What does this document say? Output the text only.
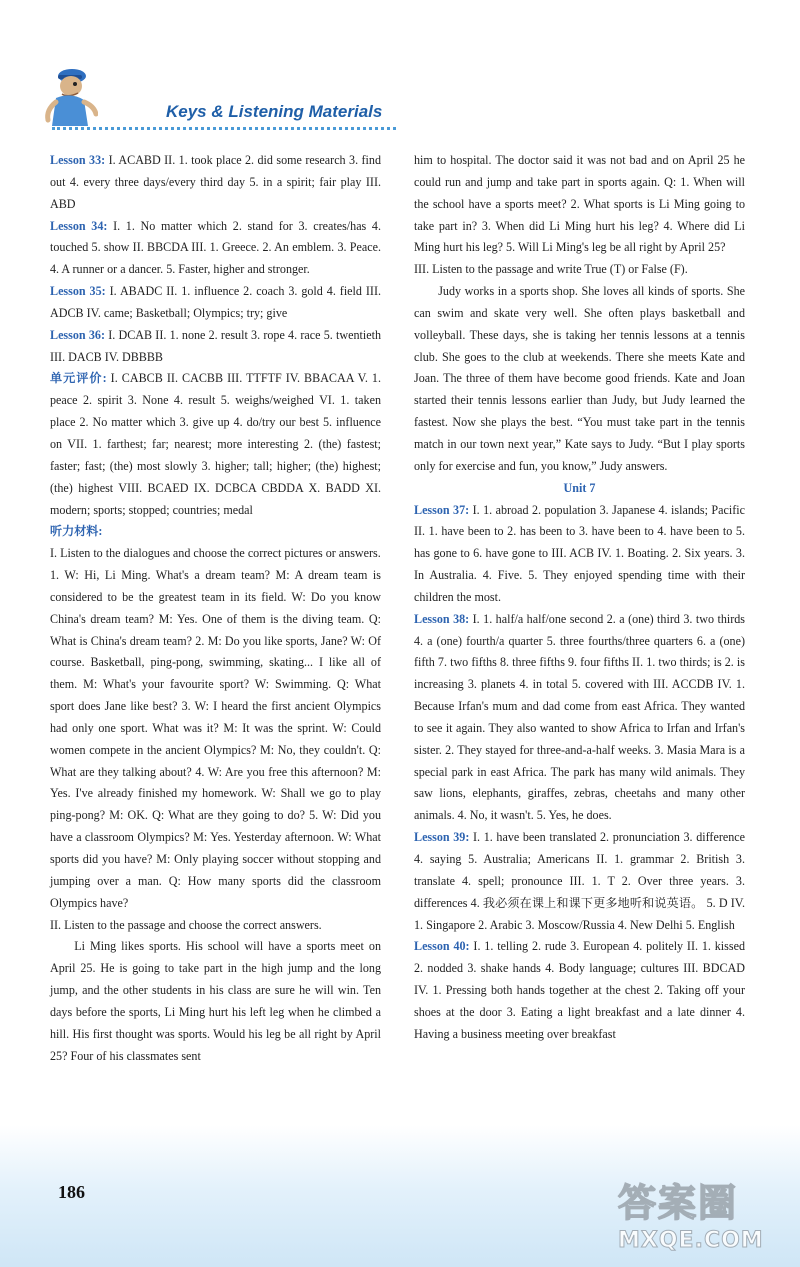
Keys & Listening Materials

Lesson 33: I. ACABD II. 1. took place 2. did some research 3. find out 4. every three days/every third day 5. in a spirit; fair play III. ABD

Lesson 34: I. 1. No matter which 2. stand for 3. creates/has 4. touched 5. show II. BBCDA III. 1. Greece. 2. An emblem. 3. Peace. 4. A runner or a dancer. 5. Faster, higher and stronger.

Lesson 35: I. ABADC II. 1. influence 2. coach 3. gold 4. field III. ADCB IV. came; Basketball; Olympics; try; give

Lesson 36: I. DCAB II. 1. none 2. result 3. rope 4. race 5. twentieth III. DACB IV. DBBBB

单元评价: I. CABCB II. CACBB III. TTFTF IV. BBACAA V. 1. peace 2. spirit 3. None 4. result 5. weighs/weighed VI. 1. taken place 2. No matter which 3. give up 4. do/try our best 5. influence on VII. 1. farthest; far; nearest; more interesting 2. (the) fastest; faster; fast; (the) most slowly 3. higher; tall; higher; (the) highest; (the) highest VIII. BCAED IX. DCBCA CBDDA X. BADD XI. modern; sports; stopped; countries; medal

听力材料:

I. Listen to the dialogues and choose the correct pictures or answers.

1. W: Hi, Li Ming. What's a dream team? M: A dream team is considered to be the greatest team in its field. W: Do you know China's dream team? M: Yes. One of them is the diving team. Q: What is China's dream team? 2. M: Do you like sports, Jane? W: Of course. Basketball, ping-pong, swimming, skating... I like all of them. M: What's your favourite sport? W: Swimming. Q: What sport does Jane like best? 3. W: I heard the first ancient Olympics had only one sport. What was it? M: It was the sprint. W: Could women compete in the ancient Olympics? M: No, they couldn't. Q: What are they talking about? 4. W: Are you free this afternoon? M: Yes. I've already finished my homework. W: Shall we go to play ping-pong? M: OK. Q: What are they going to do? 5. W: Did you have a classroom Olympics? M: Yes. Yesterday afternoon. W: What sports did you have? M: Only playing soccer without stopping and jumping over a man. Q: How many sports did the classroom Olympics have?

II. Listen to the passage and choose the correct answers.

Li Ming likes sports. His school will have a sports meet on April 25. He is going to take part in the high jump and the long jump, and the other students in his class are sure he will win. Ten days before the sports, Li Ming hurt his left leg when he climbed a hill. His first thought was sports. Would his leg be all right by April 25? Four of his classmates sent

him to hospital. The doctor said it was not bad and on April 25 he could run and jump and take part in sports again. Q: 1. When will the school have a sports meet? 2. What sports is Li Ming going to take part in? 3. When did Li Ming hurt his leg? 4. Where did Li Ming hurt his leg? 5. Will Li Ming's leg be all right by April 25?

III. Listen to the passage and write True (T) or False (F).

Judy works in a sports shop. She loves all kinds of sports. She can swim and skate very well. She often plays basketball and volleyball. These days, she is taking her tennis lessons at a tennis club. She goes to the club at weekends. There she meets Kate and Joan. The three of them have become good friends. Kate and Joan started their tennis lessons earlier than Judy, but Judy learned the fastest. Now she plays the best. “You must take part in the tennis match in our town next year,” Kate says to Judy. “But I play sports only for exercise and fun, you know,” Judy answers.

Unit 7

Lesson 37: I. 1. abroad 2. population 3. Japanese 4. islands; Pacific II. 1. have been to 2. has been to 3. have been to 4. have been to 5. has gone to 6. have gone to III. ACB IV. 1. Boating. 2. Six years. 3. In Australia. 4. Five. 5. They enjoyed spending time with their children the most.

Lesson 38: I. 1. half/a half/one second 2. a (one) third 3. two thirds 4. a (one) fourth/a quarter 5. three fourths/three quarters 6. a (one) fifth 7. two fifths 8. three fifths 9. four fifths II. 1. two thirds; is 2. is increasing 3. planets 4. in total 5. covered with III. ACCDB IV. 1. Because Irfan's mum and dad come from east Africa. They wanted to see it again. They also wanted to show Africa to Irfan and Irfan's sister. 2. They stayed for three-and-a-half weeks. 3. Masia Mara is a special park in east Africa. The park has many wild animals. They saw lions, elephants, giraffes, zebras, cheetahs and many other animals. 4. No, it wasn't. 5. Yes, he does.

Lesson 39: I. 1. have been translated 2. pronunciation 3. difference 4. saying 5. Australia; Americans II. 1. grammar 2. British 3. translate 4. spell; pronounce III. 1. T 2. Over three years. 3. differences 4. 我必须在课上和课下更多地听和说英语。 5. D IV. 1. Singapore 2. Arabic 3. Moscow/Russia 4. New Delhi 5. English

Lesson 40: I. 1. telling 2. rude 3. European 4. politely II. 1. kissed 2. nodded 3. shake hands 4. Body language; cultures III. BDCAD IV. 1. Pressing both hands together at the chest 2. Taking off your shoes at the door 3. Eating a light breakfast and a late dinner 4. Having a business meeting over breakfast

186	答案圈
MXQE.COM
